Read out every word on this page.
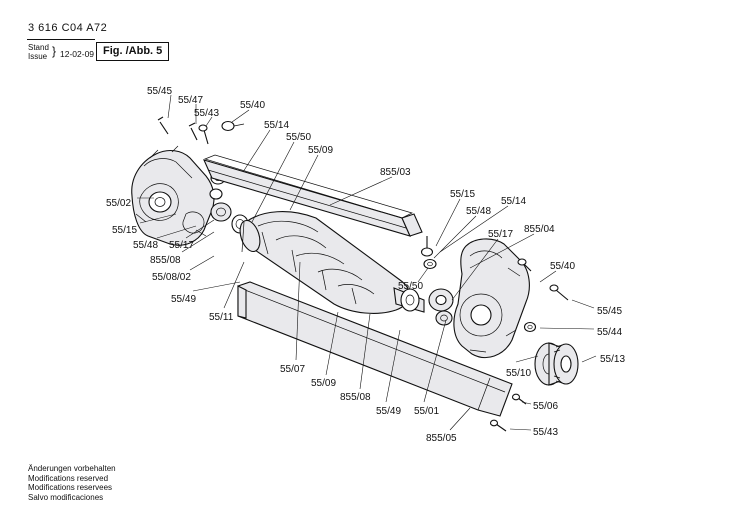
3 616 C04 A72
Stand
Issue } 12-02-09 Fig. /Abb. 5
55/45
55/47
55/43
55/40
55/14
55/50
55/09
855/03
55/15
55/14
55/48
55/17 855/04
55/40
55/45
55/44
55/13
55/10
55/06
55/43
855/05
55/01
55/49
855/08
55/09
55/07
55/11
55/49
55/08/02
855/08
55/17
55/48
55/15
55/02
55/50
Änderungen vorbehalten
Modifications reserved
Modifications reservees
Salvo modificaciones
